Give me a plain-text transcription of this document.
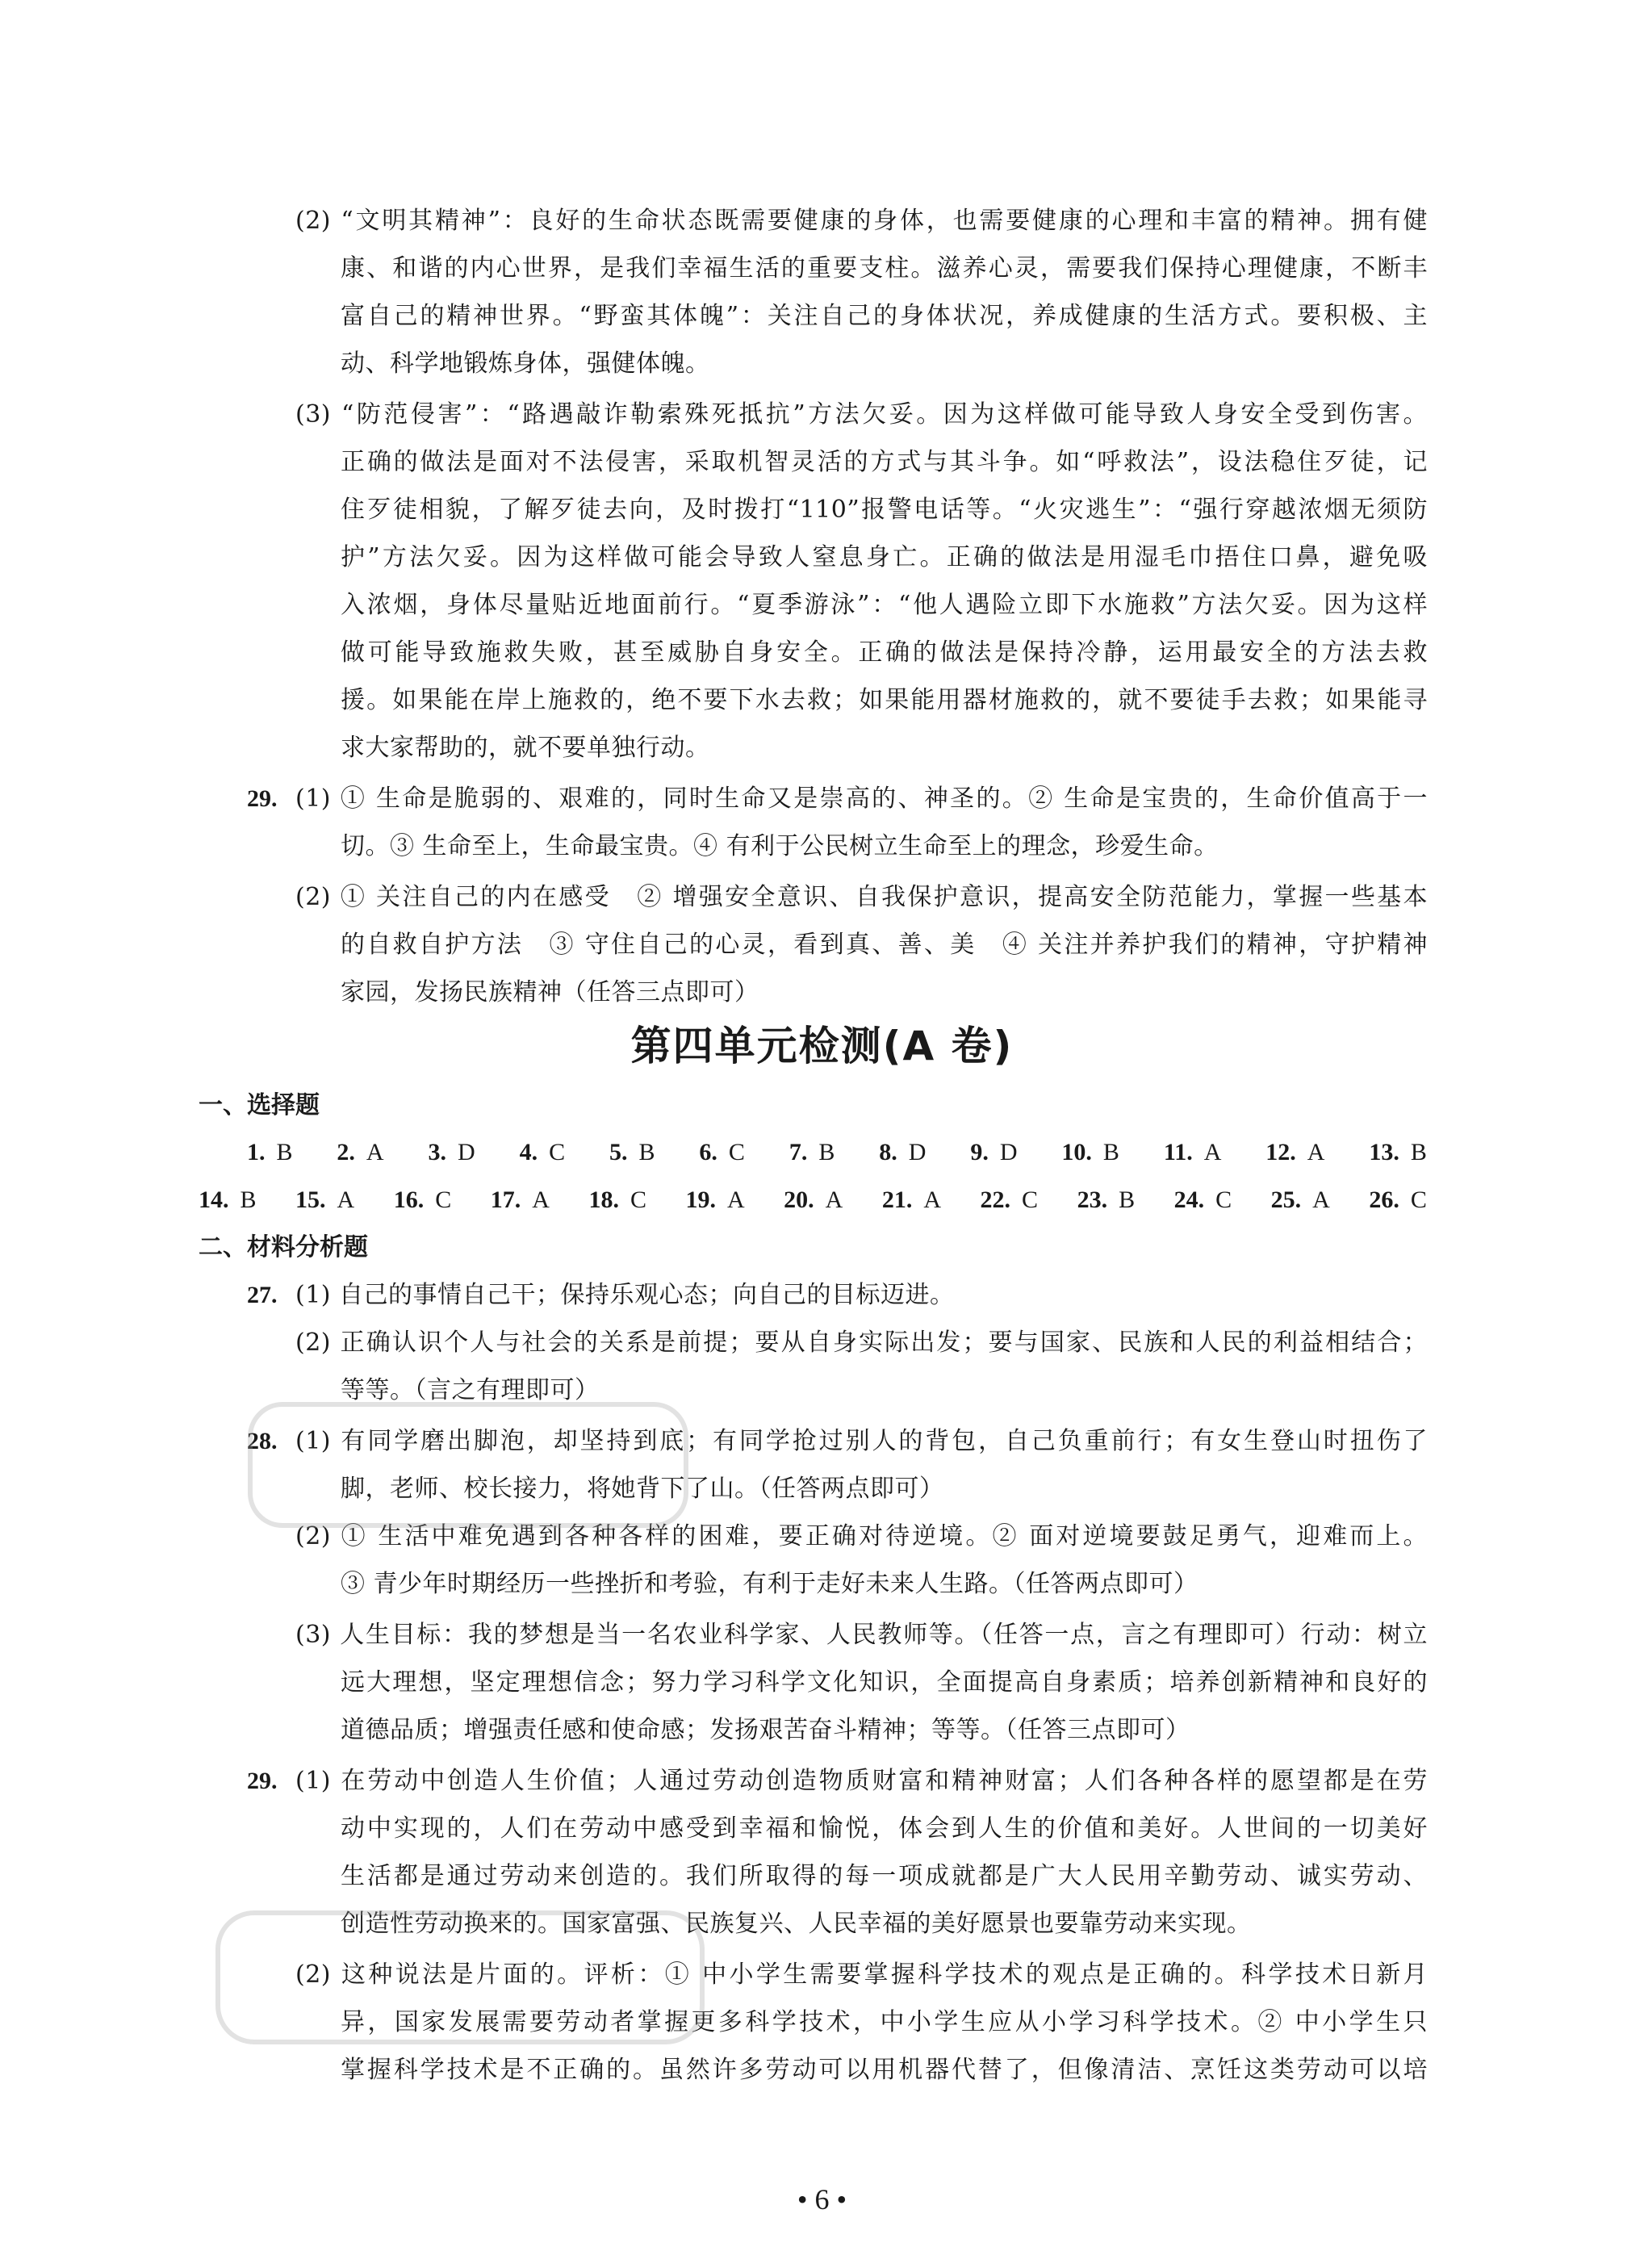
(2) “文明其精神”：良好的生命状态既需要健康的身体，也需要健康的心理和丰富的精神。拥有健
康、和谐的内心世界，是我们幸福生活的重要支柱。滋养心灵，需要我们保持心理健康，不断丰
富自己的精神世界。“野蛮其体魄”：关注自己的身体状况，养成健康的生活方式。要积极、主
动、科学地锻炼身体，强健体魄。
(3) “防范侵害”：“路遇敲诈勒索殊死抵抗”方法欠妥。因为这样做可能导致人身安全受到伤害。
正确的做法是面对不法侵害，采取机智灵活的方式与其斗争。如“呼救法”，设法稳住歹徒，记
住歹徒相貌，了解歹徒去向，及时拨打“110”报警电话等。“火灾逃生”：“强行穿越浓烟无须防
护”方法欠妥。因为这样做可能会导致人窒息身亡。正确的做法是用湿毛巾捂住口鼻，避免吸
入浓烟，身体尽量贴近地面前行。“夏季游泳”：“他人遇险立即下水施救”方法欠妥。因为这样
做可能导致施救失败，甚至威胁自身安全。正确的做法是保持冷静，运用最安全的方法去救
援。如果能在岸上施救的，绝不要下水去救；如果能用器材施救的，就不要徒手去救；如果能寻
求大家帮助的，就不要单独行动。
29. (1) ① 生命是脆弱的、艰难的，同时生命又是崇高的、神圣的。② 生命是宝贵的，生命价值高于一
切。③ 生命至上，生命最宝贵。④ 有利于公民树立生命至上的理念，珍爱生命。
(2) ① 关注自己的内在感受　② 增强安全意识、自我保护意识，提高安全防范能力，掌握一些基本
的自救自护方法　③ 守住自己的心灵，看到真、善、美　④ 关注并养护我们的精神，守护精神
家园，发扬民族精神（任答三点即可）
第四单元检测(A 卷)
一、选择题
1. B 2. A 3. D 4. C 5. B 6. C 7. B 8. D 9. D 10. B 11. A 12. A 13. B
14. B 15. A 16. C 17. A 18. C 19. A 20. A 21. A 22. C 23. B 24. C 25. A 26. C
二、材料分析题
27. (1) 自己的事情自己干；保持乐观心态；向自己的目标迈进。
(2) 正确认识个人与社会的关系是前提；要从自身实际出发；要与国家、民族和人民的利益相结合；
等等。（言之有理即可）
28. (1) 有同学磨出脚泡，却坚持到底；有同学抢过别人的背包，自己负重前行；有女生登山时扭伤了
脚，老师、校长接力，将她背下了山。（任答两点即可）
(2) ① 生活中难免遇到各种各样的困难，要正确对待逆境。② 面对逆境要鼓足勇气，迎难而上。
③ 青少年时期经历一些挫折和考验，有利于走好未来人生路。（任答两点即可）
(3) 人生目标：我的梦想是当一名农业科学家、人民教师等。（任答一点，言之有理即可）行动：树立
远大理想，坚定理想信念；努力学习科学文化知识，全面提高自身素质；培养创新精神和良好的
道德品质；增强责任感和使命感；发扬艰苦奋斗精神；等等。（任答三点即可）
29. (1) 在劳动中创造人生价值；人通过劳动创造物质财富和精神财富；人们各种各样的愿望都是在劳
动中实现的，人们在劳动中感受到幸福和愉悦，体会到人生的价值和美好。人世间的一切美好
生活都是通过劳动来创造的。我们所取得的每一项成就都是广大人民用辛勤劳动、诚实劳动、
创造性劳动换来的。国家富强、民族复兴、人民幸福的美好愿景也要靠劳动来实现。
(2) 这种说法是片面的。评析：① 中小学生需要掌握科学技术的观点是正确的。科学技术日新月
异，国家发展需要劳动者掌握更多科学技术，中小学生应从小学习科学技术。② 中小学生只
掌握科学技术是不正确的。虽然许多劳动可以用机器代替了，但像清洁、烹饪这类劳动可以培
• 6 •
